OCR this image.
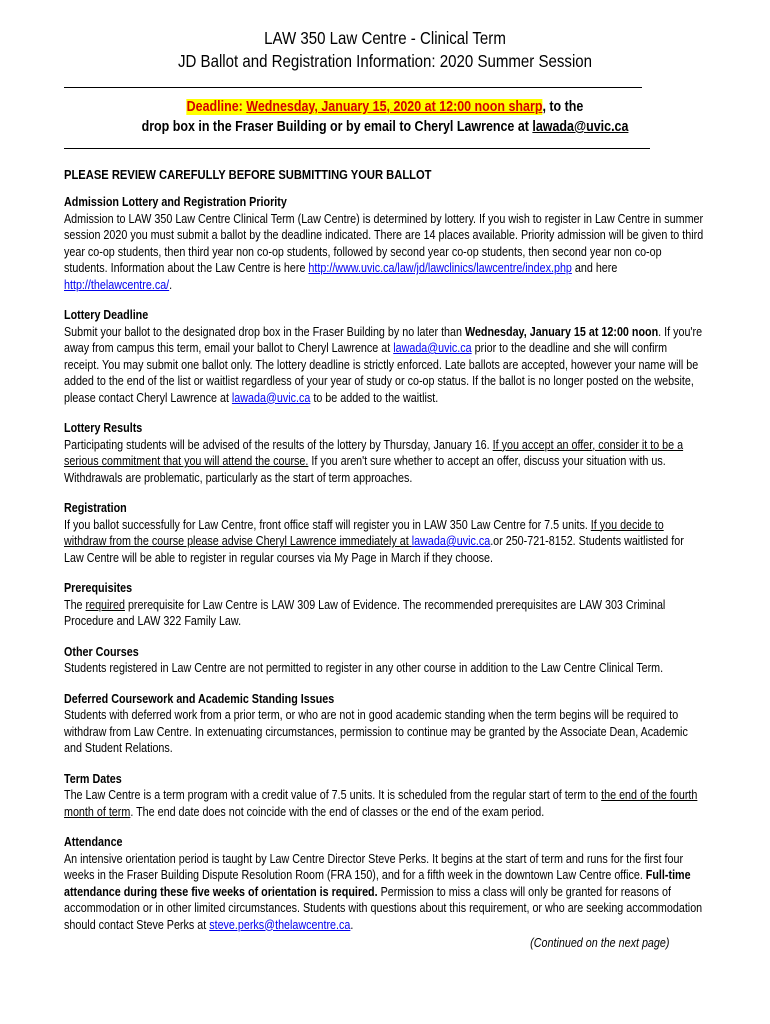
LAW 350 Law Centre - Clinical Term
JD Ballot and Registration Information: 2020 Summer Session
Deadline: Wednesday, January 15, 2020 at 12:00 noon sharp, to the
drop box in the Fraser Building or by email to Cheryl Lawrence at lawada@uvic.ca
PLEASE REVIEW CAREFULLY BEFORE SUBMITTING YOUR BALLOT
Admission Lottery and Registration Priority

Admission to LAW 350 Law Centre Clinical Term (Law Centre) is determined by lottery. If you wish to register in Law Centre in summer session 2020 you must submit a ballot by the deadline indicated. There are 14 places available. Priority admission will be given to third year co-op students, then third year non co-op students, followed by second year co-op students, then second year non co-op students. Information about the Law Centre is here http://www.uvic.ca/law/jd/lawclinics/lawcentre/index.php and here http://thelawcentre.ca/.

Lottery Deadline

Submit your ballot to the designated drop box in the Fraser Building by no later than Wednesday, January 15 at 12:00 noon. If you're away from campus this term, email your ballot to Cheryl Lawrence at lawada@uvic.ca prior to the deadline and she will confirm receipt. You may submit one ballot only. The lottery deadline is strictly enforced. Late ballots are accepted, however your name will be added to the end of the list or waitlist regardless of your year of study or co-op status. If the ballot is no longer posted on the website, please contact Cheryl Lawrence at lawada@uvic.ca to be added to the waitlist.

Lottery Results

Participating students will be advised of the results of the lottery by Thursday, January 16. If you accept an offer, consider it to be a serious commitment that you will attend the course. If you aren't sure whether to accept an offer, discuss your situation with us. Withdrawals are problematic, particularly as the start of term approaches.

Registration

If you ballot successfully for Law Centre, front office staff will register you in LAW 350 Law Centre for 7.5 units. If you decide to withdraw from the course please advise Cheryl Lawrence immediately at lawada@uvic.ca.or 250-721-8152. Students waitlisted for Law Centre will be able to register in regular courses via My Page in March if they choose.

Prerequisites

The required prerequisite for Law Centre is LAW 309 Law of Evidence. The recommended prerequisites are LAW 303 Criminal Procedure and LAW 322 Family Law.

Other Courses

Students registered in Law Centre are not permitted to register in any other course in addition to the Law Centre Clinical Term.

Deferred Coursework and Academic Standing Issues

Students with deferred work from a prior term, or who are not in good academic standing when the term begins will be required to withdraw from Law Centre. In extenuating circumstances, permission to continue may be granted by the Associate Dean, Academic and Student Relations.

Term Dates

The Law Centre is a term program with a credit value of 7.5 units. It is scheduled from the regular start of term to the end of the fourth month of term. The end date does not coincide with the end of classes or the end of the exam period.

Attendance

An intensive orientation period is taught by Law Centre Director Steve Perks. It begins at the start of term and runs for the first four weeks in the Fraser Building Dispute Resolution Room (FRA 150), and for a fifth week in the downtown Law Centre office. Full-time attendance during these five weeks of orientation is required. Permission to miss a class will only be granted for reasons of accommodation or in other limited circumstances. Students with questions about this requirement, or who are seeking accommodation should contact Steve Perks at steve.perks@thelawcentre.ca.

(Continued on the next page)
